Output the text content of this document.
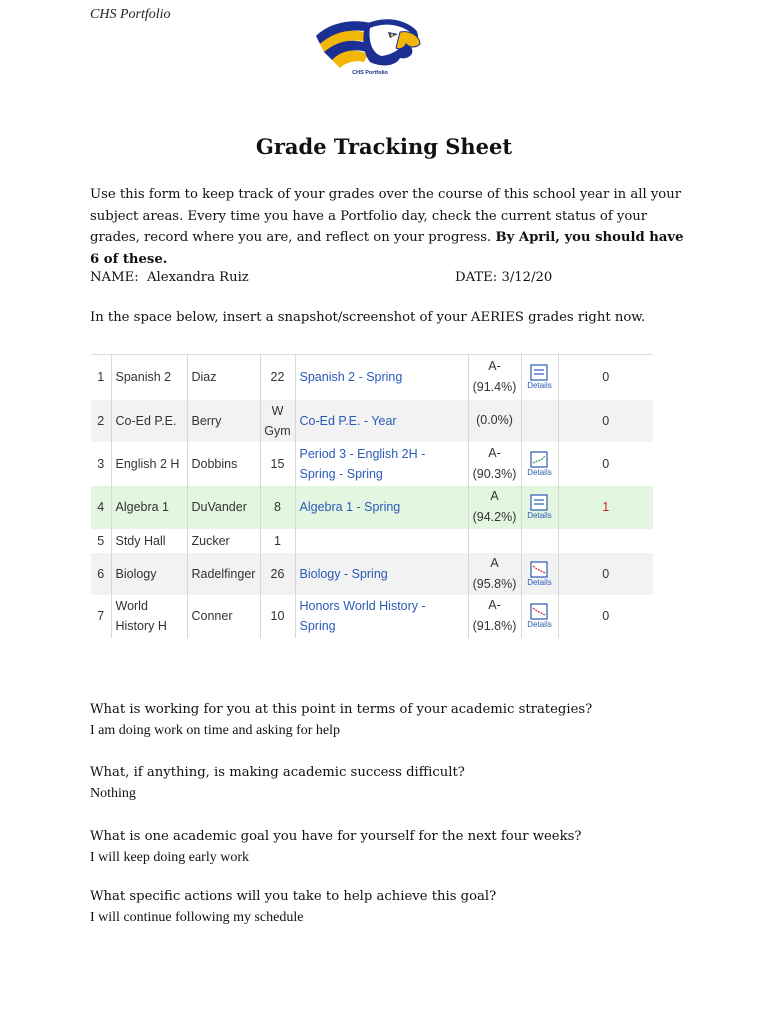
CHS Portfolio
CHS Portfolio
Grade Tracking Sheet
Use this form to keep track of your grades over the course of this school year in all your subject areas. Every time you have a Portfolio day, check the current status of your grades, record where you are, and reflect on your progress. By April, you should have 6 of these.
NAME: Alexandra Ruiz	DATE: 3/12/20
In the space below, insert a snapshot/screenshot of your AERIES grades right now.
1	Spanish 2	Diaz	22	Spanish 2 - Spring	A-
(91.4%)	Details	0
2	Co-Ed P.E.	Berry	W Gym	Co-Ed P.E. - Year	(0.0%)		0
3	English 2 H	Dobbins	15	Period 3 - English 2H - Spring - Spring	A-
(90.3%)	Details	0
4	Algebra 1	DuVander	8	Algebra 1 - Spring	A
(94.2%)	Details	1
5	Stdy Hall	Zucker	1		

6	Biology	Radelfinger	26	Biology - Spring	A
(95.8%)	Details	0
7	World History H	Conner	10	Honors World History - Spring	A-
(91.8%)	Details	0
What is working for you at this point in terms of your academic strategies?
I am doing work on time and asking for help
What, if anything, is making academic success difficult?
Nothing
What is one academic goal you have for yourself for the next four weeks?
I will keep doing early work
What specific actions will you take to help achieve this goal?
I will continue following my schedule
